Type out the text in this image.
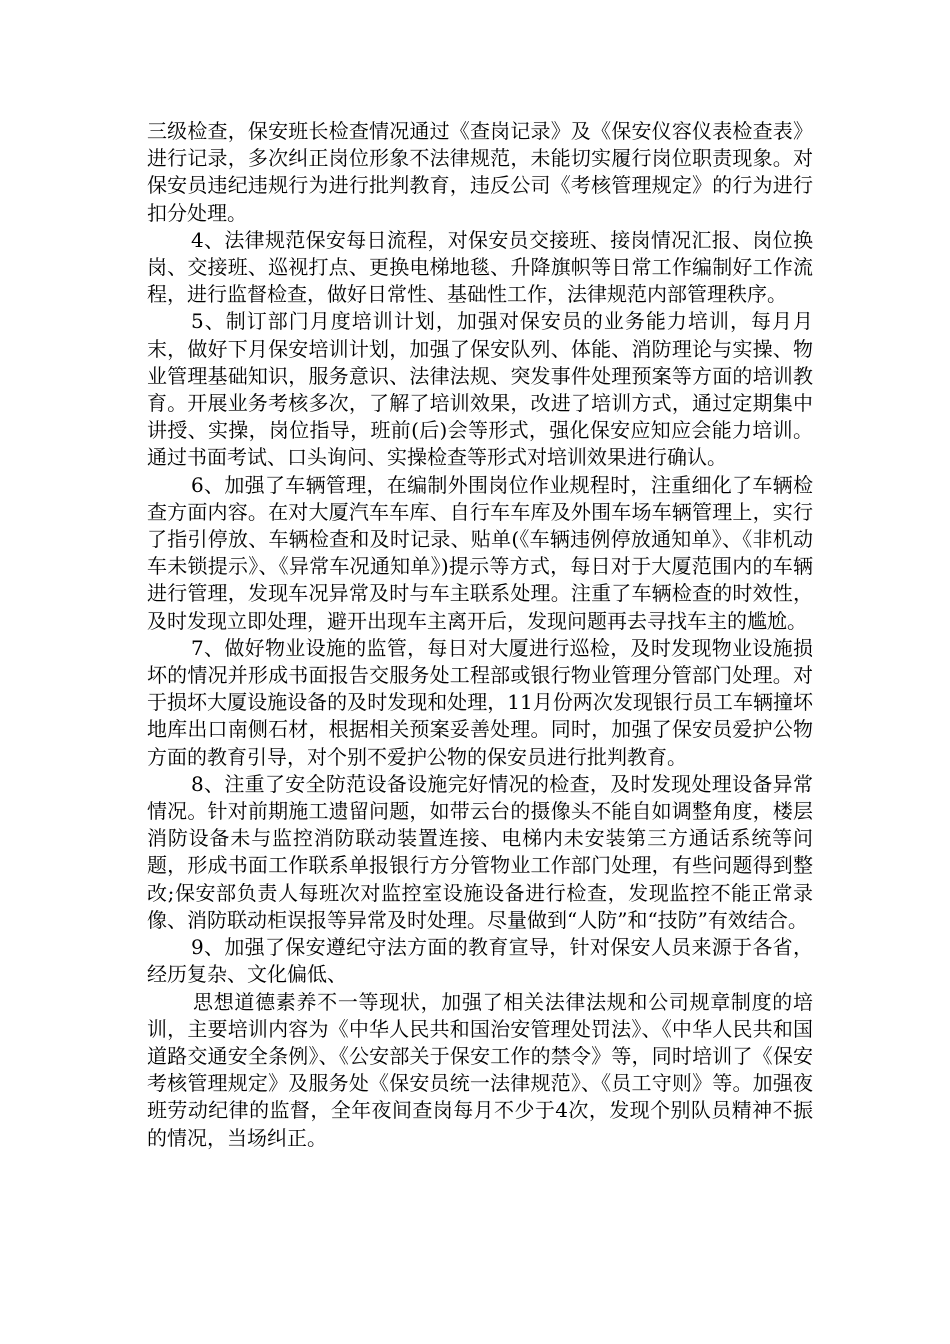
三级检查，保安班长检查情况通过《查岗记录》及《保安仪容仪表检查表》进行记录，多次纠正岗位形象不法律规范，未能切实履行岗位职责现象。对保安员违纪违规行为进行批判教育，违反公司《考核管理规定》的行为进行扣分处理。

4、法律规范保安每日流程，对保安员交接班、接岗情况汇报、岗位换岗、交接班、巡视打点、更换电梯地毯、升降旗帜等日常工作编制好工作流程，进行监督检查，做好日常性、基础性工作，法律规范内部管理秩序。

5、制订部门月度培训计划，加强对保安员的业务能力培训，每月月末，做好下月保安培训计划，加强了保安队列、体能、消防理论与实操、物业管理基础知识，服务意识、法律法规、突发事件处理预案等方面的培训教育。开展业务考核多次，了解了培训效果，改进了培训方式，通过定期集中讲授、实操，岗位指导，班前(后)会等形式，强化保安应知应会能力培训。通过书面考试、口头询问、实操检查等形式对培训效果进行确认。

6、加强了车辆管理，在编制外围岗位作业规程时，注重细化了车辆检查方面内容。在对大厦汽车车库、自行车车库及外围车场车辆管理上，实行了指引停放、车辆检查和及时记录、贴单(《车辆违例停放通知单》、《非机动车未锁提示》、《异常车况通知单》)提示等方式，每日对于大厦范围内的车辆进行管理，发现车况异常及时与车主联系处理。注重了车辆检查的时效性，及时发现立即处理，避开出现车主离开后，发现问题再去寻找车主的尴尬。

7、做好物业设施的监管，每日对大厦进行巡检，及时发现物业设施损坏的情况并形成书面报告交服务处工程部或银行物业管理分管部门处理。对于损坏大厦设施设备的及时发现和处理，11月份两次发现银行员工车辆撞坏地库出口南侧石材，根据相关预案妥善处理。同时，加强了保安员爱护公物方面的教育引导，对个别不爱护公物的保安员进行批判教育。

8、注重了安全防范设备设施完好情况的检查，及时发现处理设备异常情况。针对前期施工遗留问题，如带云台的摄像头不能自如调整角度，楼层消防设备未与监控消防联动装置连接、电梯内未安装第三方通话系统等问题，形成书面工作联系单报银行方分管物业工作部门处理，有些问题得到整改;保安部负责人每班次对监控室设施设备进行检查，发现监控不能正常录像、消防联动柜误报等异常及时处理。尽量做到“人防”和“技防”有效结合。

9、加强了保安遵纪守法方面的教育宣导，针对保安人员来源于各省，经历复杂、文化偏低、

思想道德素养不一等现状，加强了相关法律法规和公司规章制度的培训，主要培训内容为《中华人民共和国治安管理处罚法》、《中华人民共和国道路交通安全条例》、《公安部关于保安工作的禁令》等，同时培训了《保安考核管理规定》及服务处《保安员统一法律规范》、《员工守则》等。加强夜班劳动纪律的监督，全年夜间查岗每月不少于4次，发现个别队员精神不振的情况，当场纠正。
